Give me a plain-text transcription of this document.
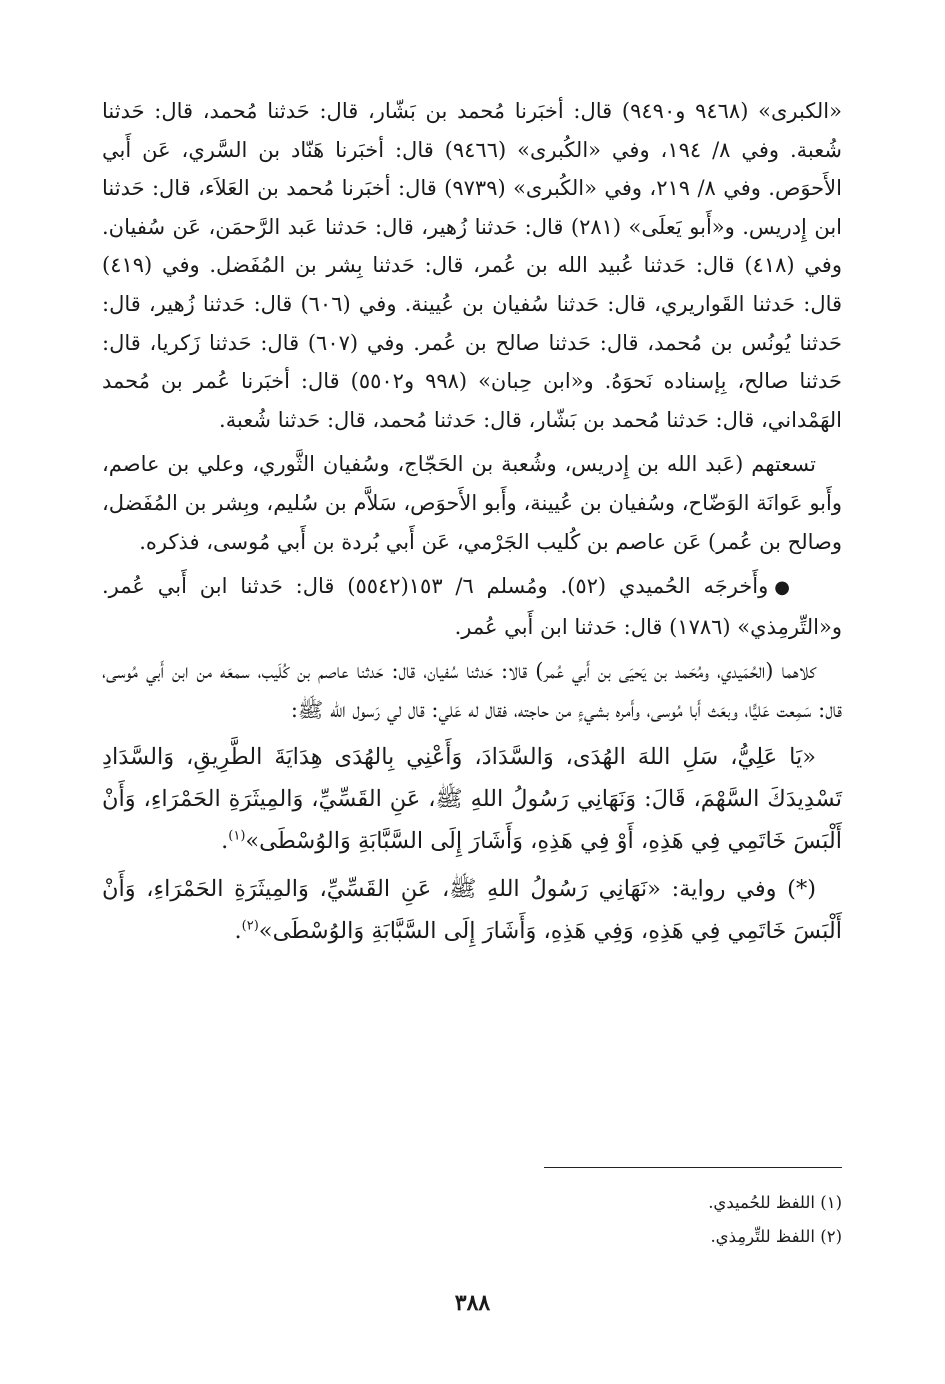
«الكبرى» (٩٤٦٨ و٩٤٩٠) قال: أخبَرنا مُحمد بن بَشّار، قال: حَدثنا مُحمد، قال: حَدثنا شُعبة. وفي ٨/ ١٩٤، وفي «الكُبرى» (٩٤٦٦) قال: أخبَرنا هَنّاد بن السَّري، عَن أَبي الأَحوَص. وفي ٨/ ٢١٩، وفي «الكُبرى» (٩٧٣٩) قال: أخبَرنا مُحمد بن العَلاَء، قال: حَدثنا ابن إِدريس. و«أَبو يَعلَى» (٢٨١) قال: حَدثنا زُهير، قال: حَدثنا عَبد الرَّحمَن، عَن سُفيان. وفي (٤١٨) قال: حَدثنا عُبيد الله بن عُمر، قال: حَدثنا بِشر بن المُفَضل. وفي (٤١٩) قال: حَدثنا القَواريري، قال: حَدثنا سُفيان بن عُيينة. وفي (٦٠٦) قال: حَدثنا زُهير، قال: حَدثنا يُونُس بن مُحمد، قال: حَدثنا صالح بن عُمر. وفي (٦٠٧) قال: حَدثنا زَكريا، قال: حَدثنا صالح، بِإسناده نَحوَهُ. و«ابن حِبان» (٩٩٨ و٥٥٠٢) قال: أخبَرنا عُمر بن مُحمد الهَمْداني، قال: حَدثنا مُحمد بن بَشّار، قال: حَدثنا مُحمد، قال: حَدثنا شُعبة.

تسعتهم (عَبد الله بن إِدريس، وشُعبة بن الحَجّاج، وسُفيان الثَّوري، وعلي بن عاصم، وأَبو عَوانَة الوَضّاح، وسُفيان بن عُيينة، وأَبو الأَحوَص، سَلاَّم بن سُليم، وبِشر بن المُفَضل، وصالح بن عُمر) عَن عاصم بن كُليب الجَرْمي، عَن أَبي بُردة بن أَبي مُوسى، فذكره.

●وأَخرجَه الحُميدي (٥٢). ومُسلم ٦/ ١٥٣(٥٥٤٢) قال: حَدثنا ابن أَبي عُمر. و«التِّرمِذي» (١٧٨٦) قال: حَدثنا ابن أَبي عُمر.

كلاهما (الحُمَيدي، ومُحَمد بن يَحيَى بن أَبي عُمر) قالا: حَدثنا سُفيان، قال: حَدثنا عاصم بن كُلَيب، سمعَه من ابن أَبي مُوسى، قال: سَمِعت عَليًّا، وبعَث أَبا مُوسى، وأَمره بشيءٍ من حاجته، فقال له عَلي: قال لي رَسول الله ﷺ:

«يَا عَلِيُّ، سَلِ اللهَ الهُدَى، وَالسَّدَادَ، وَأَعْنِي بِالهُدَى هِدَايَةَ الطَّرِيقِ، وَالسَّدَادِ تَسْدِيدَكَ السَّهْمَ، قَالَ: وَنَهَانِي رَسُولُ اللهِ ﷺ، عَنِ القَسِّيِّ، وَالمِيثَرَةِ الحَمْرَاءِ، وَأَنْ أَلْبَسَ خَاتَمِي فِي هَذِهِ، أَوْ فِي هَذِهِ، وَأَشَارَ إِلَى السَّبَّابَةِ وَالوُسْطَى»$^{(١)}$.

(*) وفي رواية: «نَهَانِي رَسُولُ اللهِ ﷺ، عَنِ القَسِّيِّ، وَالمِيثَرَةِ الحَمْرَاءِ، وَأَنْ أَلْبَسَ خَاتَمِي فِي هَذِهِ، وَفِي هَذِهِ، وَأَشَارَ إِلَى السَّبَّابَةِ وَالوُسْطَى»$^{(٢)}$.

(١) اللفظ للحُميدي.

(٢) اللفظ للتِّرمِذي.

٣٨٨
